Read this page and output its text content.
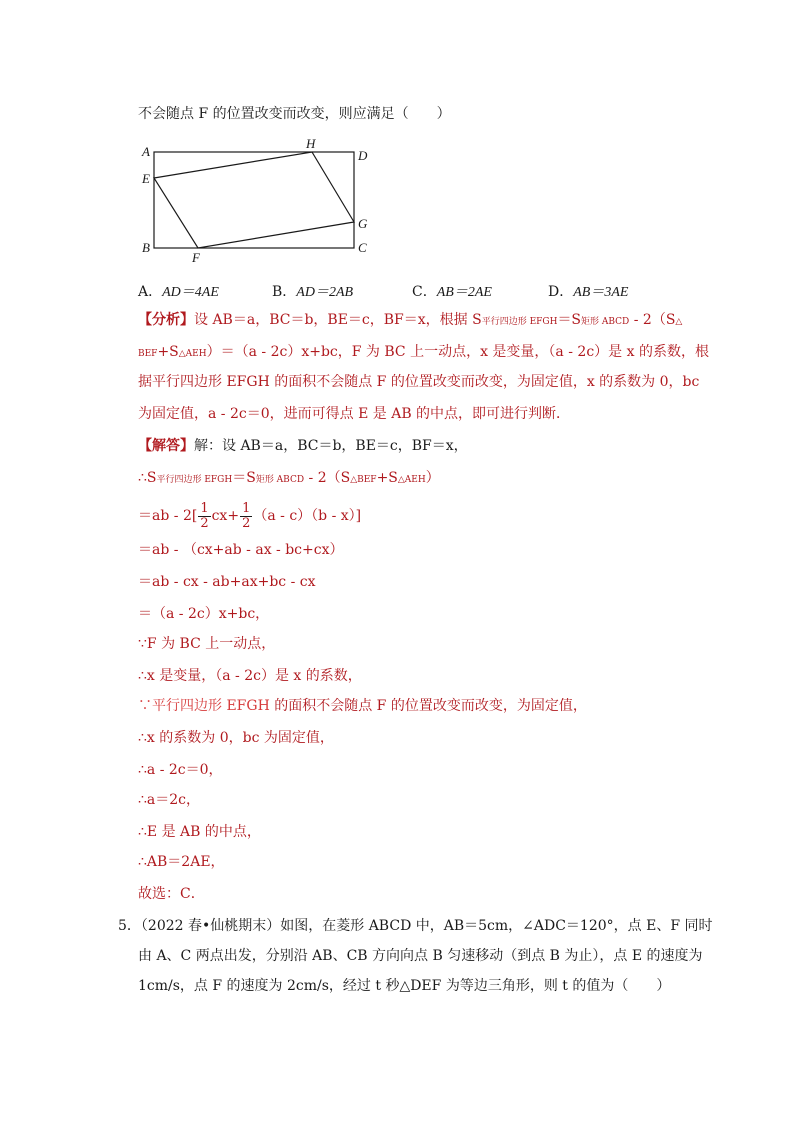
不会随点 F 的位置改变而改变，则应满足（　　）
A
H
D
E
G
B
F
C
A．AD＝4AE	B．AD＝2AB	C．AB＝2AE	D．AB＝3AE
【分析】设 AB＝a，BC＝b，BE＝c，BF＝x，根据 S平行四边形 EFGH＝S矩形 ABCD - 2（S△
BEF+S△AEH）＝（a - 2c）x+bc，F 为 BC 上一动点，x 是变量，（a - 2c）是 x 的系数，根
据平行四边形 EFGH 的面积不会随点 F 的位置改变而改变，为固定值，x 的系数为 0，bc
为固定值，a - 2c＝0，进而可得点 E 是 AB 的中点，即可进行判断．
【解答】解：设 AB＝a，BC＝b，BE＝c，BF＝x，
∴S平行四边形 EFGH＝S矩形 ABCD - 2（S△BEF+S△AEH）
$=ab - 2[ \frac{1}{2} cx+ \frac{1}{2} (a - c)(b - x)]$
＝ab - （cx+ab - ax - bc+cx）
＝ab - cx - ab+ax+bc - cx
＝（a - 2c）x+bc，
∵F 为 BC 上一动点，
∴x 是变量，（a - 2c）是 x 的系数，
∵平行四边形 EFGH 的面积不会随点 F 的位置改变而改变，为固定值，
∴x 的系数为 0，bc 为固定值，
∴a - 2c＝0，
∴a＝2c，
∴E 是 AB 的中点，
∴AB＝2AE，
故选：C．
5．（2022 春•仙桃期末）如图，在菱形 ABCD 中，AB＝5cm，∠ADC＝120°，点 E、F 同时
由 A、C 两点出发，分别沿 AB、CB 方向向点 B 匀速移动（到点 B 为止），点 E 的速度为
1cm/s，点 F 的速度为 2cm/s，经过 t 秒△DEF 为等边三角形，则 t 的值为（　　）
